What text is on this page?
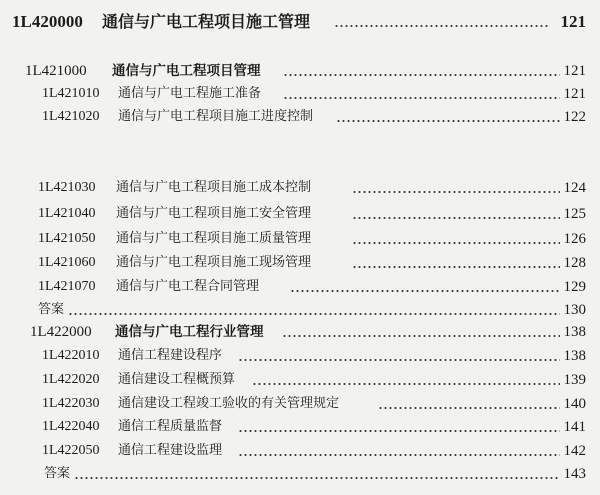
1L420000 通信与广电工程项目施工管理	121
1L421000 通信与广电工程项目管理	121
1L421010 通信与广电工程施工准备	121
1L421020 通信与广电工程项目施工进度控制	122
1L421030 通信与广电工程项目施工成本控制	124
1L421040 通信与广电工程项目施工安全管理	125
1L421050 通信与广电工程项目施工质量管理	126
1L421060 通信与广电工程项目施工现场管理	128
1L421070 通信与广电工程合同管理	129
答案	130
1L422000 通信与广电工程行业管理	138
1L422010 通信工程建设程序	138
1L422020 通信建设工程概预算	139
1L422030 通信建设工程竣工验收的有关管理规定	140
1L422040 通信工程质量监督	141
1L422050 通信工程建设监理	142
答案	143
